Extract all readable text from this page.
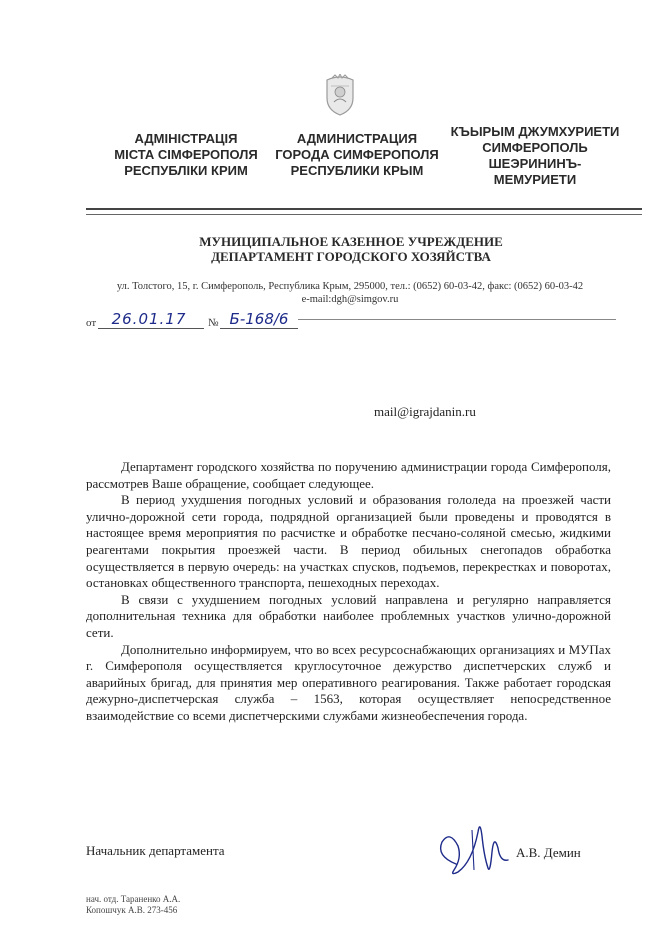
АДМІНІСТРАЦІЯ
МІСТА СІМФЕРОПОЛЯ
РЕСПУБЛІКИ КРИМ
АДМИНИСТРАЦИЯ
ГОРОДА СИМФЕРОПОЛЯ
РЕСПУБЛИКИ КРЫМ
КЪЫРЫМ ДЖУМХУРИЕТИ
СИМФЕРОПОЛЬ
ШЕЭРИНИНЪ-
МЕМУРИЕТИ
МУНИЦИПАЛЬНОЕ КАЗЕННОЕ УЧРЕЖДЕНИЕ
ДЕПАРТАМЕНТ ГОРОДСКОГО ХОЗЯЙСТВА
ул. Толстого, 15, г. Симферополь, Республика Крым, 295000, тел.: (0652) 60-03-42, факс: (0652) 60-03-42
e-mail:dgh@simgov.ru
от	26.01.17	№ Б-168/6
mail@igrajdanin.ru

Департамент городского хозяйства по поручению администрации города Симферополя, рассмотрев Ваше обращение, сообщает следующее.

В период ухудшения погодных условий и образования гололеда на проезжей части улично-дорожной сети города, подрядной организацией были проведены и проводятся в настоящее время мероприятия по расчистке и обработке песчано-соляной смесью, жидкими реагентами покрытия проезжей части. В период обильных снегопадов обработка осуществляется в первую очередь: на участках спусков, подъемов, перекрестках и поворотах, остановках общественного транспорта, пешеходных переходах.

В связи с ухудшением погодных условий направлена и регулярно направляется дополнительная техника для обработки наиболее проблемных участков улично-дорожной сети.

Дополнительно информируем, что во всех ресурсоснабжающих организациях и МУПах г. Симферополя осуществляется круглосуточное дежурство диспетчерских служб и аварийных бригад, для принятия мер оперативного реагирования. Также работает городская дежурно-диспетчерская служба – 1563, которая осуществляет непосредственное взаимодействие со всеми диспетчерскими службами жизнеобеспечения города.

Начальник департамента	А.В. Демин
нач. отд. Тараненко А.А.
Копошчук А.В. 273-456
